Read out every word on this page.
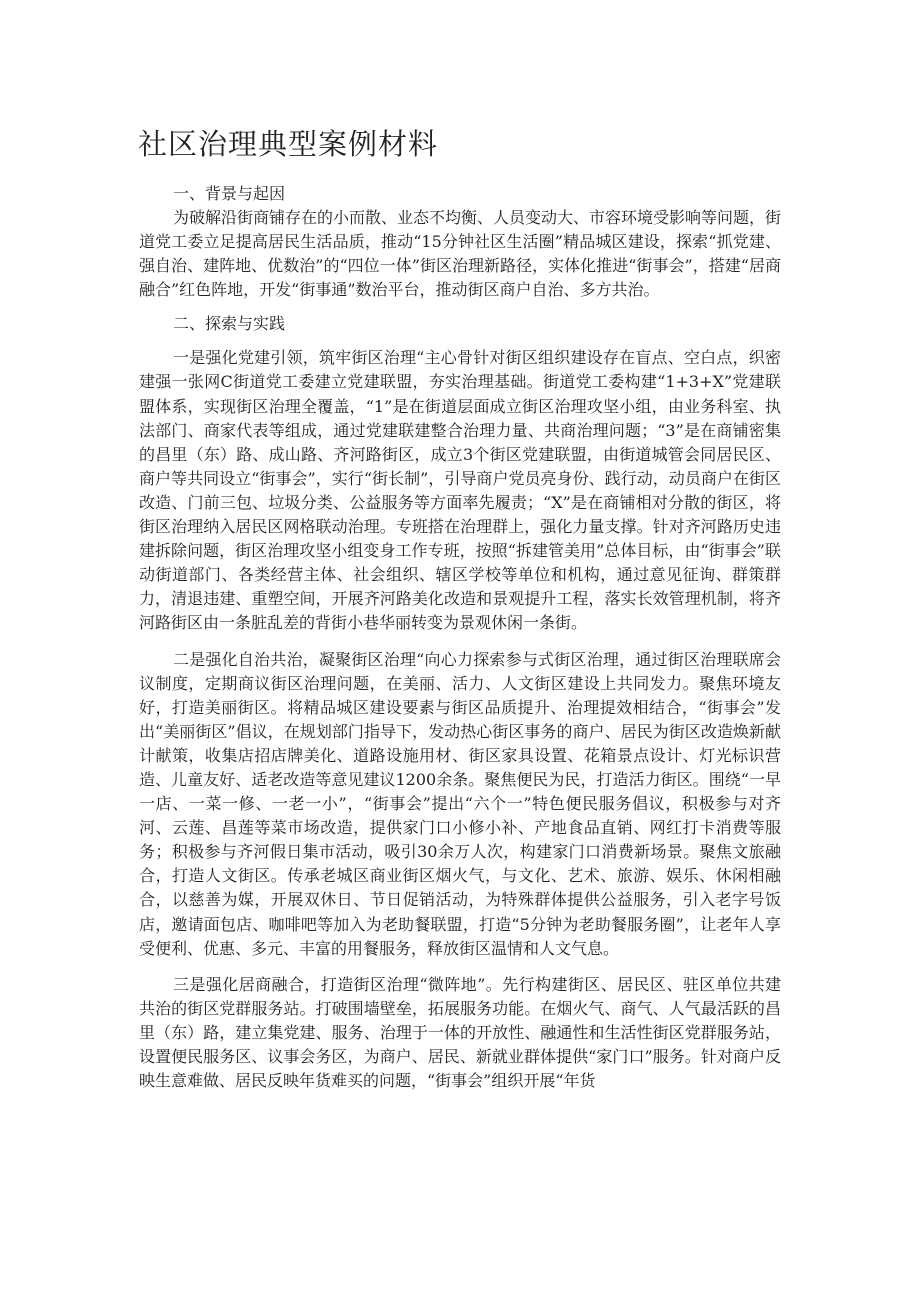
社区治理典型案例材料

一、背景与起因

为破解沿街商铺存在的小而散、业态不均衡、人员变动大、市容环境受影响等问题，街道党工委立足提高居民生活品质，推动“15分钟社区生活圈”精品城区建设，探索“抓党建、强自治、建阵地、优数治”的“四位一体”街区治理新路径，实体化推进“街事会”，搭建“居商融合”红色阵地，开发“街事通”数治平台，推动街区商户自治、多方共治。

二、探索与实践

一是强化党建引领，筑牢街区治理“主心骨针对街区组织建设存在盲点、空白点，织密建强一张网C街道党工委建立党建联盟，夯实治理基础。街道党工委构建“1+3+X”党建联盟体系，实现街区治理全覆盖，“1”是在街道层面成立街区治理攻坚小组，由业务科室、执法部门、商家代表等组成，通过党建联建整合治理力量、共商治理问题；“3”是在商铺密集的昌里（东）路、成山路、齐河路街区，成立3个街区党建联盟，由街道城管会同居民区、商户等共同设立“街事会”，实行“街长制”，引导商户党员亮身份、践行动，动员商户在街区改造、门前三包、垃圾分类、公益服务等方面率先履责；“X”是在商铺相对分散的街区，将街区治理纳入居民区网格联动治理。专班搭在治理群上，强化力量支撑。针对齐河路历史违建拆除问题，街区治理攻坚小组变身工作专班，按照“拆建管美用”总体目标，由“街事会”联动街道部门、各类经营主体、社会组织、辖区学校等单位和机构，通过意见征询、群策群力，清退违建、重塑空间，开展齐河路美化改造和景观提升工程，落实长效管理机制，将齐河路街区由一条脏乱差的背街小巷华丽转变为景观休闲一条街。

二是强化自治共治，凝聚街区治理“向心力探索参与式街区治理，通过街区治理联席会议制度，定期商议街区治理问题，在美丽、活力、人文街区建设上共同发力。聚焦环境友好，打造美丽街区。将精品城区建设要素与街区品质提升、治理提效相结合，“街事会”发出“美丽街区”倡议，在规划部门指导下，发动热心街区事务的商户、居民为街区改造焕新献计献策，收集店招店牌美化、道路设施用材、街区家具设置、花箱景点设计、灯光标识营造、儿童友好、适老改造等意见建议1200余条。聚焦便民为民，打造活力街区。围绕“一早一店、一菜一修、一老一小”，“街事会”提出“六个一”特色便民服务倡议，积极参与对齐河、云莲、昌莲等菜市场改造，提供家门口小修小补、产地食品直销、网红打卡消费等服务；积极参与齐河假日集市活动，吸引30余万人次，构建家门口消费新场景。聚焦文旅融合，打造人文街区。传承老城区商业街区烟火气，与文化、艺术、旅游、娱乐、休闲相融合，以慈善为媒，开展双休日、节日促销活动，为特殊群体提供公益服务，引入老字号饭店，邀请面包店、咖啡吧等加入为老助餐联盟，打造“5分钟为老助餐服务圈”，让老年人享受便利、优惠、多元、丰富的用餐服务，释放街区温情和人文气息。

三是强化居商融合，打造街区治理“微阵地”。先行构建街区、居民区、驻区单位共建共治的街区党群服务站。打破围墙壁垒，拓展服务功能。在烟火气、商气、人气最活跃的昌里（东）路，建立集党建、服务、治理于一体的开放性、融通性和生活性街区党群服务站，设置便民服务区、议事会务区，为商户、居民、新就业群体提供“家门口”服务。针对商户反映生意难做、居民反映年货难买的问题，“街事会”组织开展“年货
